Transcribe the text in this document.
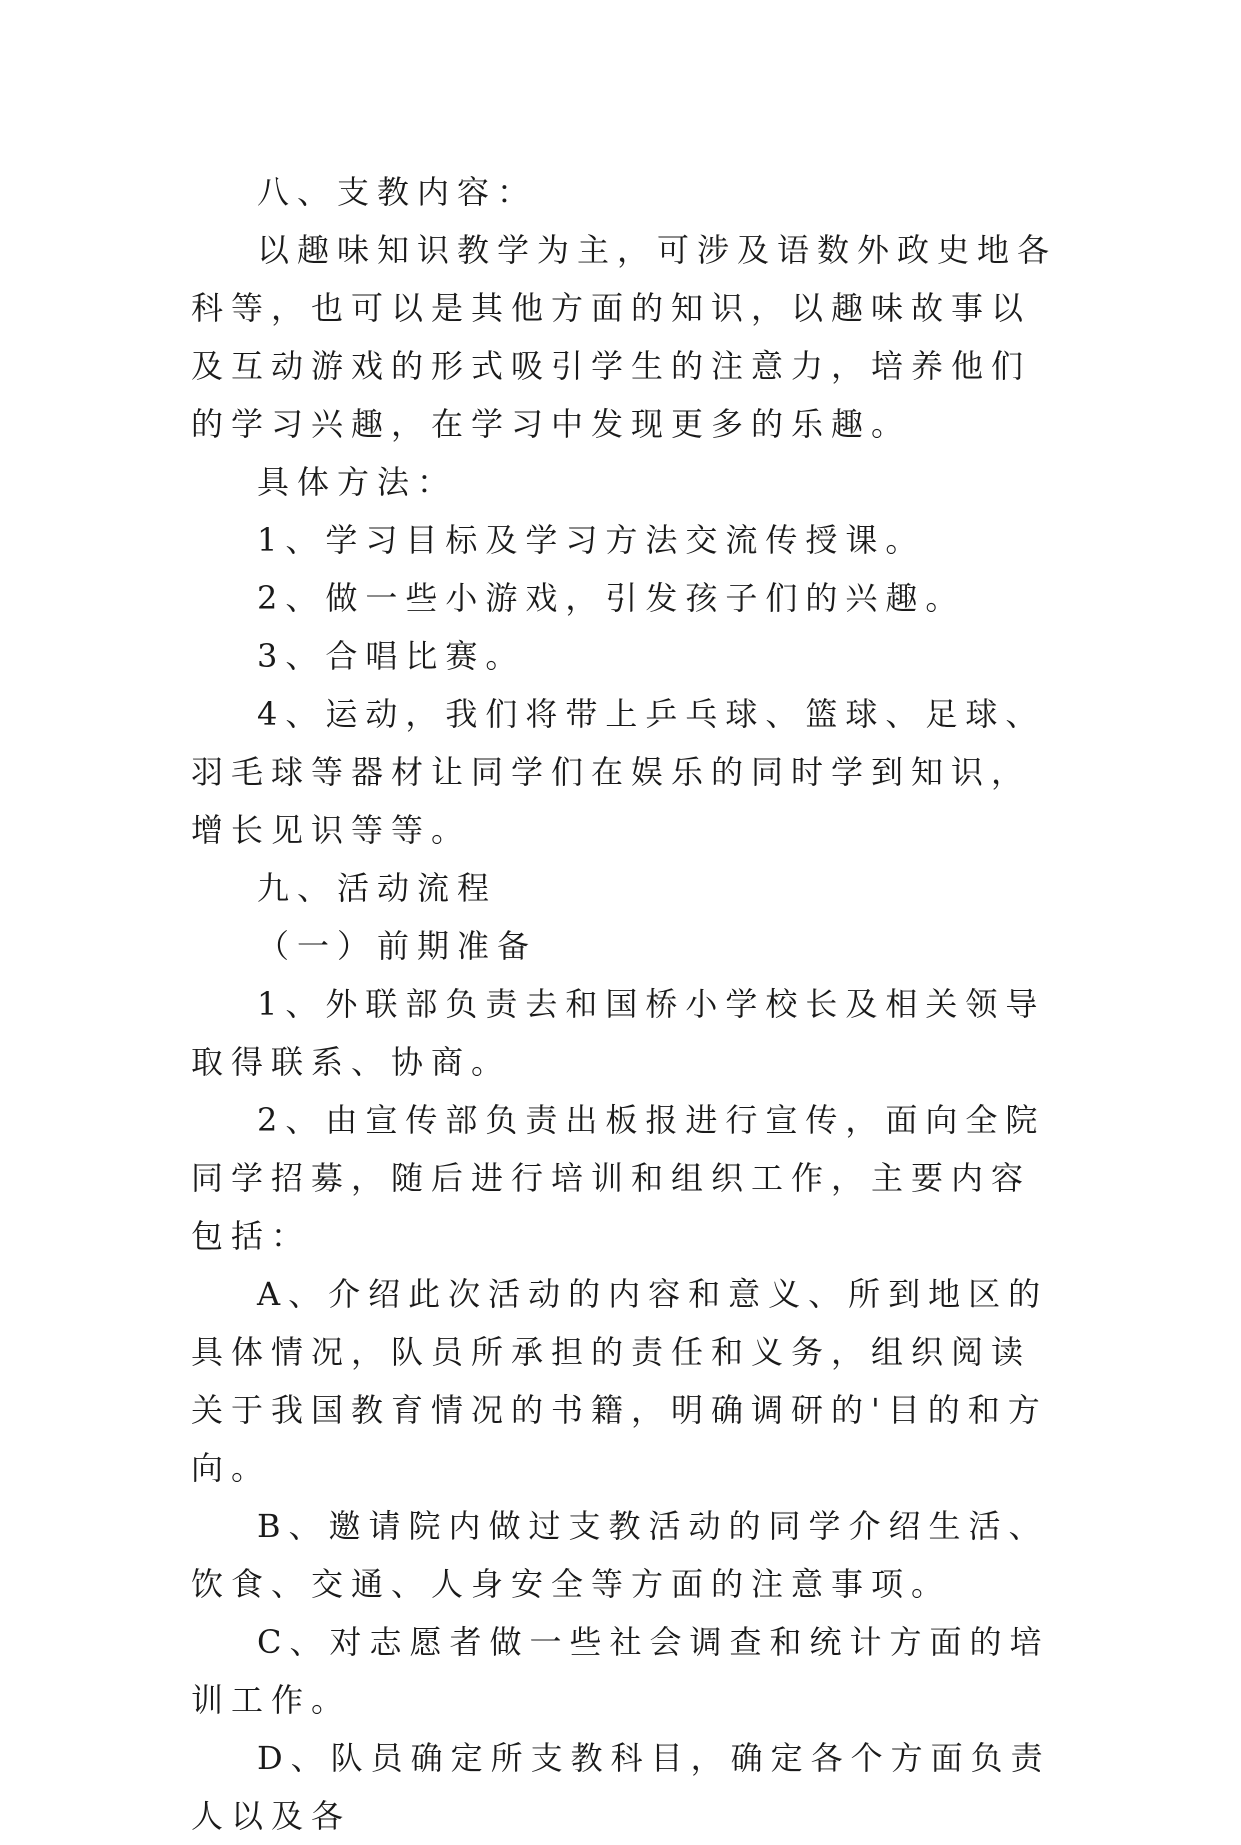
八、支教内容：

以趣味知识教学为主，可涉及语数外政史地各科等，也可以是其他方面的知识，以趣味故事以及互动游戏的形式吸引学生的注意力，培养他们的学习兴趣，在学习中发现更多的乐趣。

具体方法：

1、学习目标及学习方法交流传授课。

2、做一些小游戏，引发孩子们的兴趣。

3、合唱比赛。

4、运动，我们将带上乒乓球、篮球、足球、羽毛球等器材让同学们在娱乐的同时学到知识，增长见识等等。

九、活动流程

（一）前期准备

1、外联部负责去和国桥小学校长及相关领导取得联系、协商。

2、由宣传部负责出板报进行宣传，面向全院同学招募，随后进行培训和组织工作，主要内容包括：

A、介绍此次活动的内容和意义、所到地区的具体情况，队员所承担的责任和义务，组织阅读关于我国教育情况的书籍，明确调研的'目的和方向。

B、邀请院内做过支教活动的同学介绍生活、饮食、交通、人身安全等方面的注意事项。

C、对志愿者做一些社会调查和统计方面的培训工作。

D、队员确定所支教科目，确定各个方面负责人以及各
